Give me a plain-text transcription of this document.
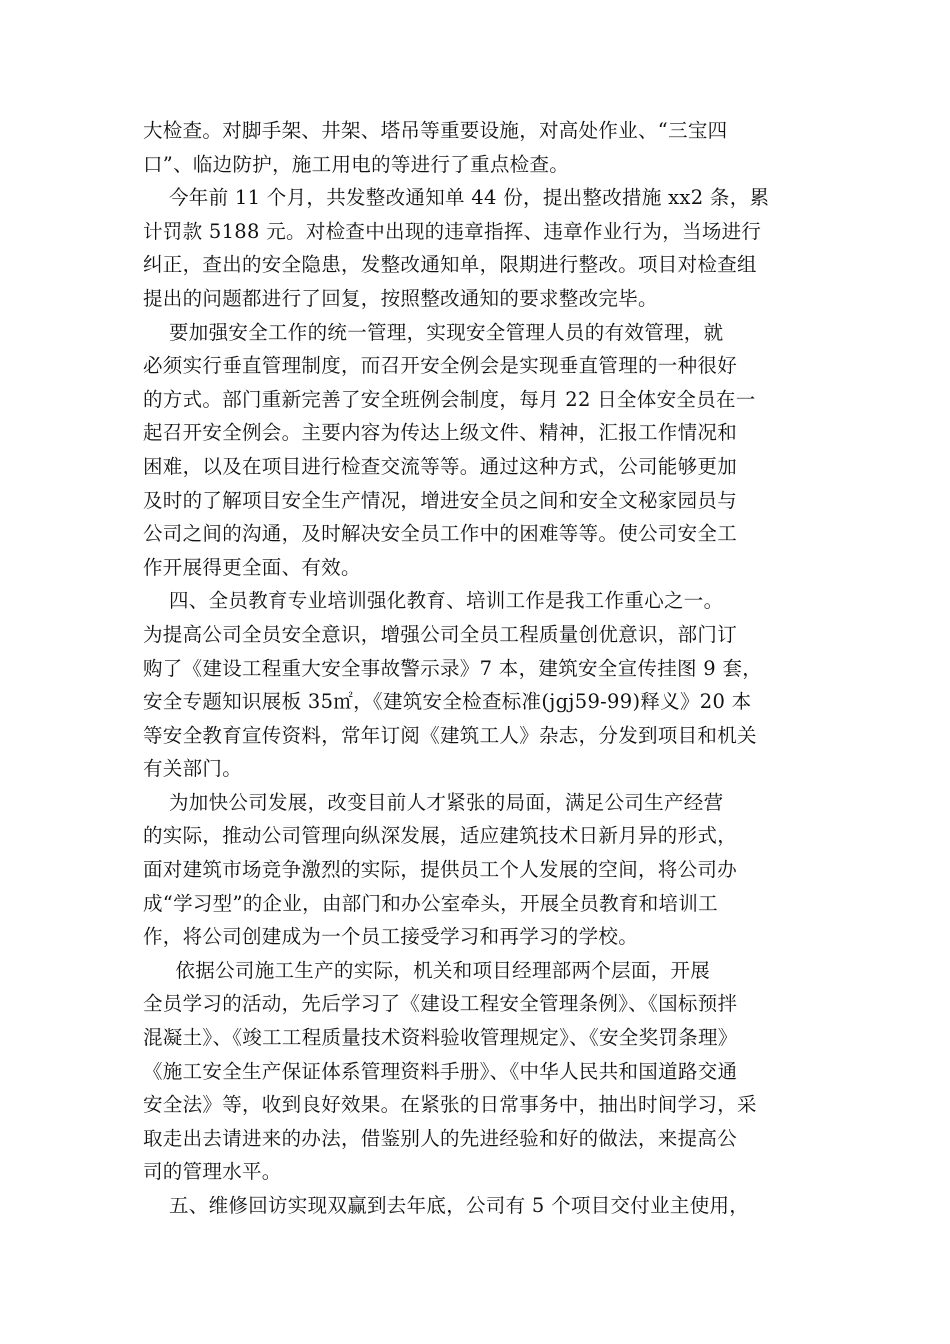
大检查。对脚手架、井架、塔吊等重要设施，对高处作业、“三宝四
口”、临边防护，施工用电的等进行了重点检查。

今年前 11 个月，共发整改通知单 44 份，提出整改措施 xx2 条，累
计罚款 5188 元。对检查中出现的违章指挥、违章作业行为，当场进行
纠正，查出的安全隐患，发整改通知单，限期进行整改。项目对检查组
提出的问题都进行了回复，按照整改通知的要求整改完毕。

要加强安全工作的统一管理，实现安全管理人员的有效管理，就
必须实行垂直管理制度，而召开安全例会是实现垂直管理的一种很好
的方式。部门重新完善了安全班例会制度，每月 22 日全体安全员在一
起召开安全例会。主要内容为传达上级文件、精神，汇报工作情况和
困难，以及在项目进行检查交流等等。通过这种方式，公司能够更加
及时的了解项目安全生产情况，增进安全员之间和安全文秘家园员与
公司之间的沟通，及时解决安全员工作中的困难等等。使公司安全工
作开展得更全面、有效。

四、全员教育专业培训强化教育、培训工作是我工作重心之一。
为提高公司全员安全意识，增强公司全员工程质量创优意识，部门订
购了《建设工程重大安全事故警示录》7 本，建筑安全宣传挂图 9 套，
安全专题知识展板 35㎡，《建筑安全检查标准(jgj59-99)释义》20 本
等安全教育宣传资料，常年订阅《建筑工人》杂志，分发到项目和机关
有关部门。

为加快公司发展，改变目前人才紧张的局面，满足公司生产经营
的实际，推动公司管理向纵深发展，适应建筑技术日新月异的形式，
面对建筑市场竞争激烈的实际，提供员工个人发展的空间，将公司办
成“学习型”的企业，由部门和办公室牵头，开展全员教育和培训工
作，将公司创建成为一个员工接受学习和再学习的学校。

依据公司施工生产的实际，机关和项目经理部两个层面，开展
全员学习的活动，先后学习了《建设工程安全管理条例》、《国标预拌
混凝土》、《竣工工程质量技术资料验收管理规定》、《安全奖罚条理》
《施工安全生产保证体系管理资料手册》、《中华人民共和国道路交通
安全法》等，收到良好效果。在紧张的日常事务中，抽出时间学习，采
取走出去请进来的办法，借鉴别人的先进经验和好的做法，来提高公
司的管理水平。

五、维修回访实现双赢到去年底，公司有 5 个项目交付业主使用，
